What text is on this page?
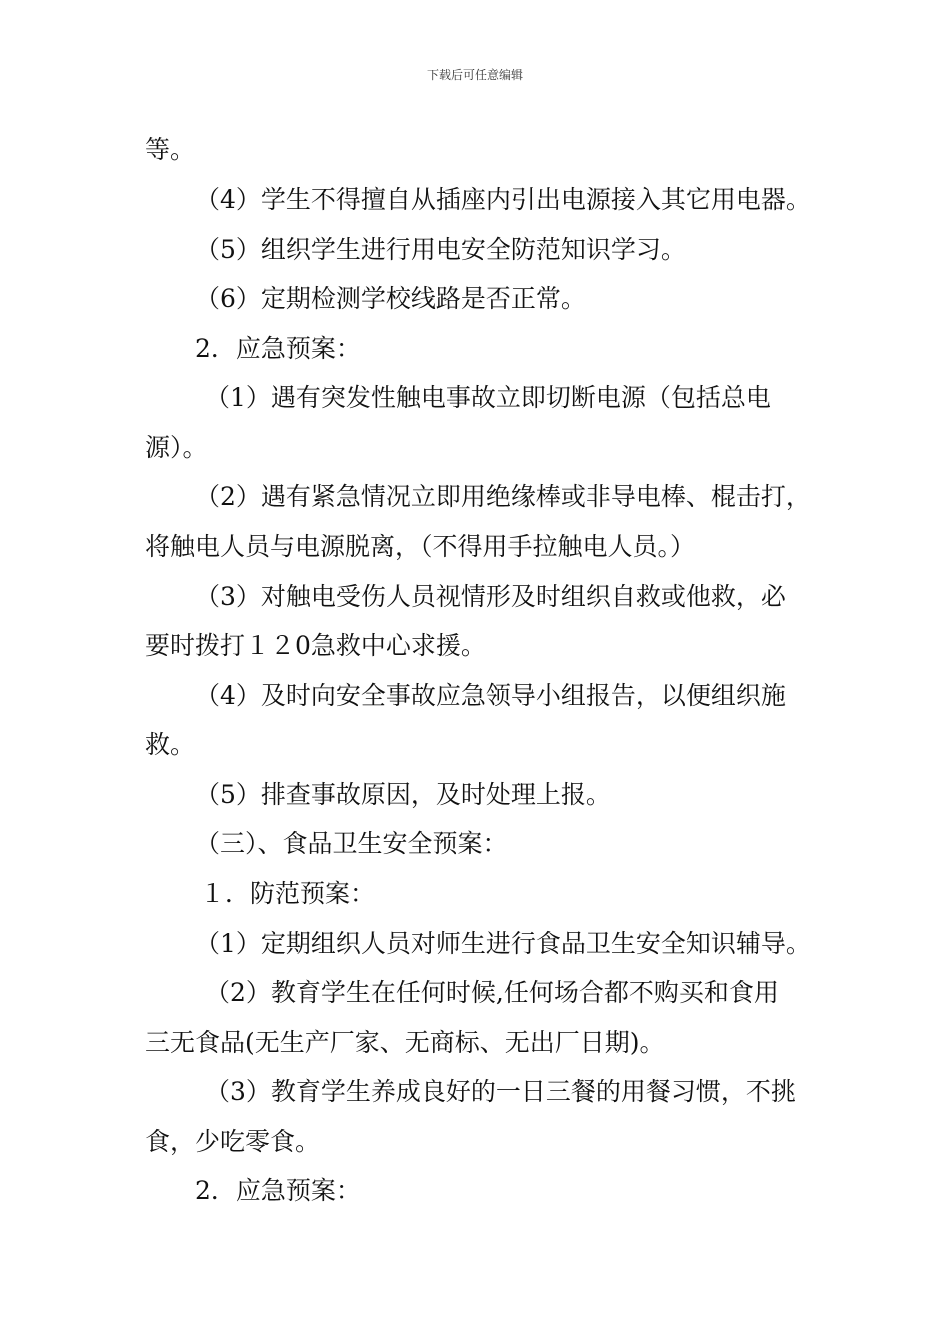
下载后可任意编辑
等。
（4）学生不得擅自从插座内引出电源接入其它用电器。
（5）组织学生进行用电安全防范知识学习。
（6）定期检测学校线路是否正常。
2．应急预案：
（1）遇有突发性触电事故立即切断电源（包括总电
源）。
（2）遇有紧急情况立即用绝缘棒或非导电棒、棍击打，
将触电人员与电源脱离，（不得用手拉触电人员。）
（3）对触电受伤人员视情形及时组织自救或他救，必
要时拨打１２0急救中心求援。
（4）及时向安全事故应急领导小组报告，以便组织施
救。
（5）排查事故原因，及时处理上报。
（三）、食品卫生安全预案：
１．防范预案：
（1）定期组织人员对师生进行食品卫生安全知识辅导。
（2）教育学生在任何时候,任何场合都不购买和食用
三无食品(无生产厂家、无商标、无出厂日期)。
（3）教育学生养成良好的一日三餐的用餐习惯，不挑
食，少吃零食。
2．应急预案：
